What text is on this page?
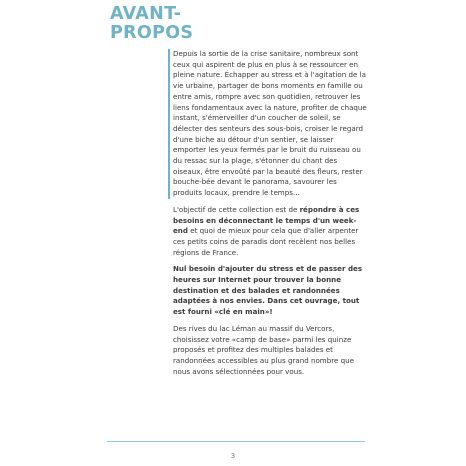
AVANT-
PROPOS

Depuis la sortie de la crise sanitaire, nombreux sont ceux qui aspirent de plus en plus à se ressourcer en pleine nature. Échapper au stress et à l'agitation de la vie urbaine, partager de bons moments en famille ou entre amis, rompre avec son quotidien, retrouver les liens fondamentaux avec la nature, profiter de chaque instant, s'émerveiller d'un coucher de soleil, se délecter des senteurs des sous-bois, croiser le regard d'une biche au détour d'un sentier, se laisser emporter les yeux fermés par le bruit du ruisseau ou du ressac sur la plage, s'étonner du chant des oiseaux, être envoûté par la beauté des fleurs, rester bouche-bée devant le panorama, savourer les produits locaux, prendre le temps…

L'objectif de cette collection est de répondre à ces besoins en déconnectant le temps d'un week-end et quoi de mieux pour cela que d'aller arpenter ces petits coins de paradis dont recèlent nos belles régions de France.

Nul besoin d'ajouter du stress et de passer des heures sur Internet pour trouver la bonne destination et des balades et randonnées adaptées à nos envies. Dans cet ouvrage, tout est fourni «clé en main»!

Des rives du lac Léman au massif du Vercors, choisissez votre «camp de base» parmi les quinze proposés et profitez des multiples balades et randonnées accessibles au plus grand nombre que nous avons sélectionnées pour vous.

3
